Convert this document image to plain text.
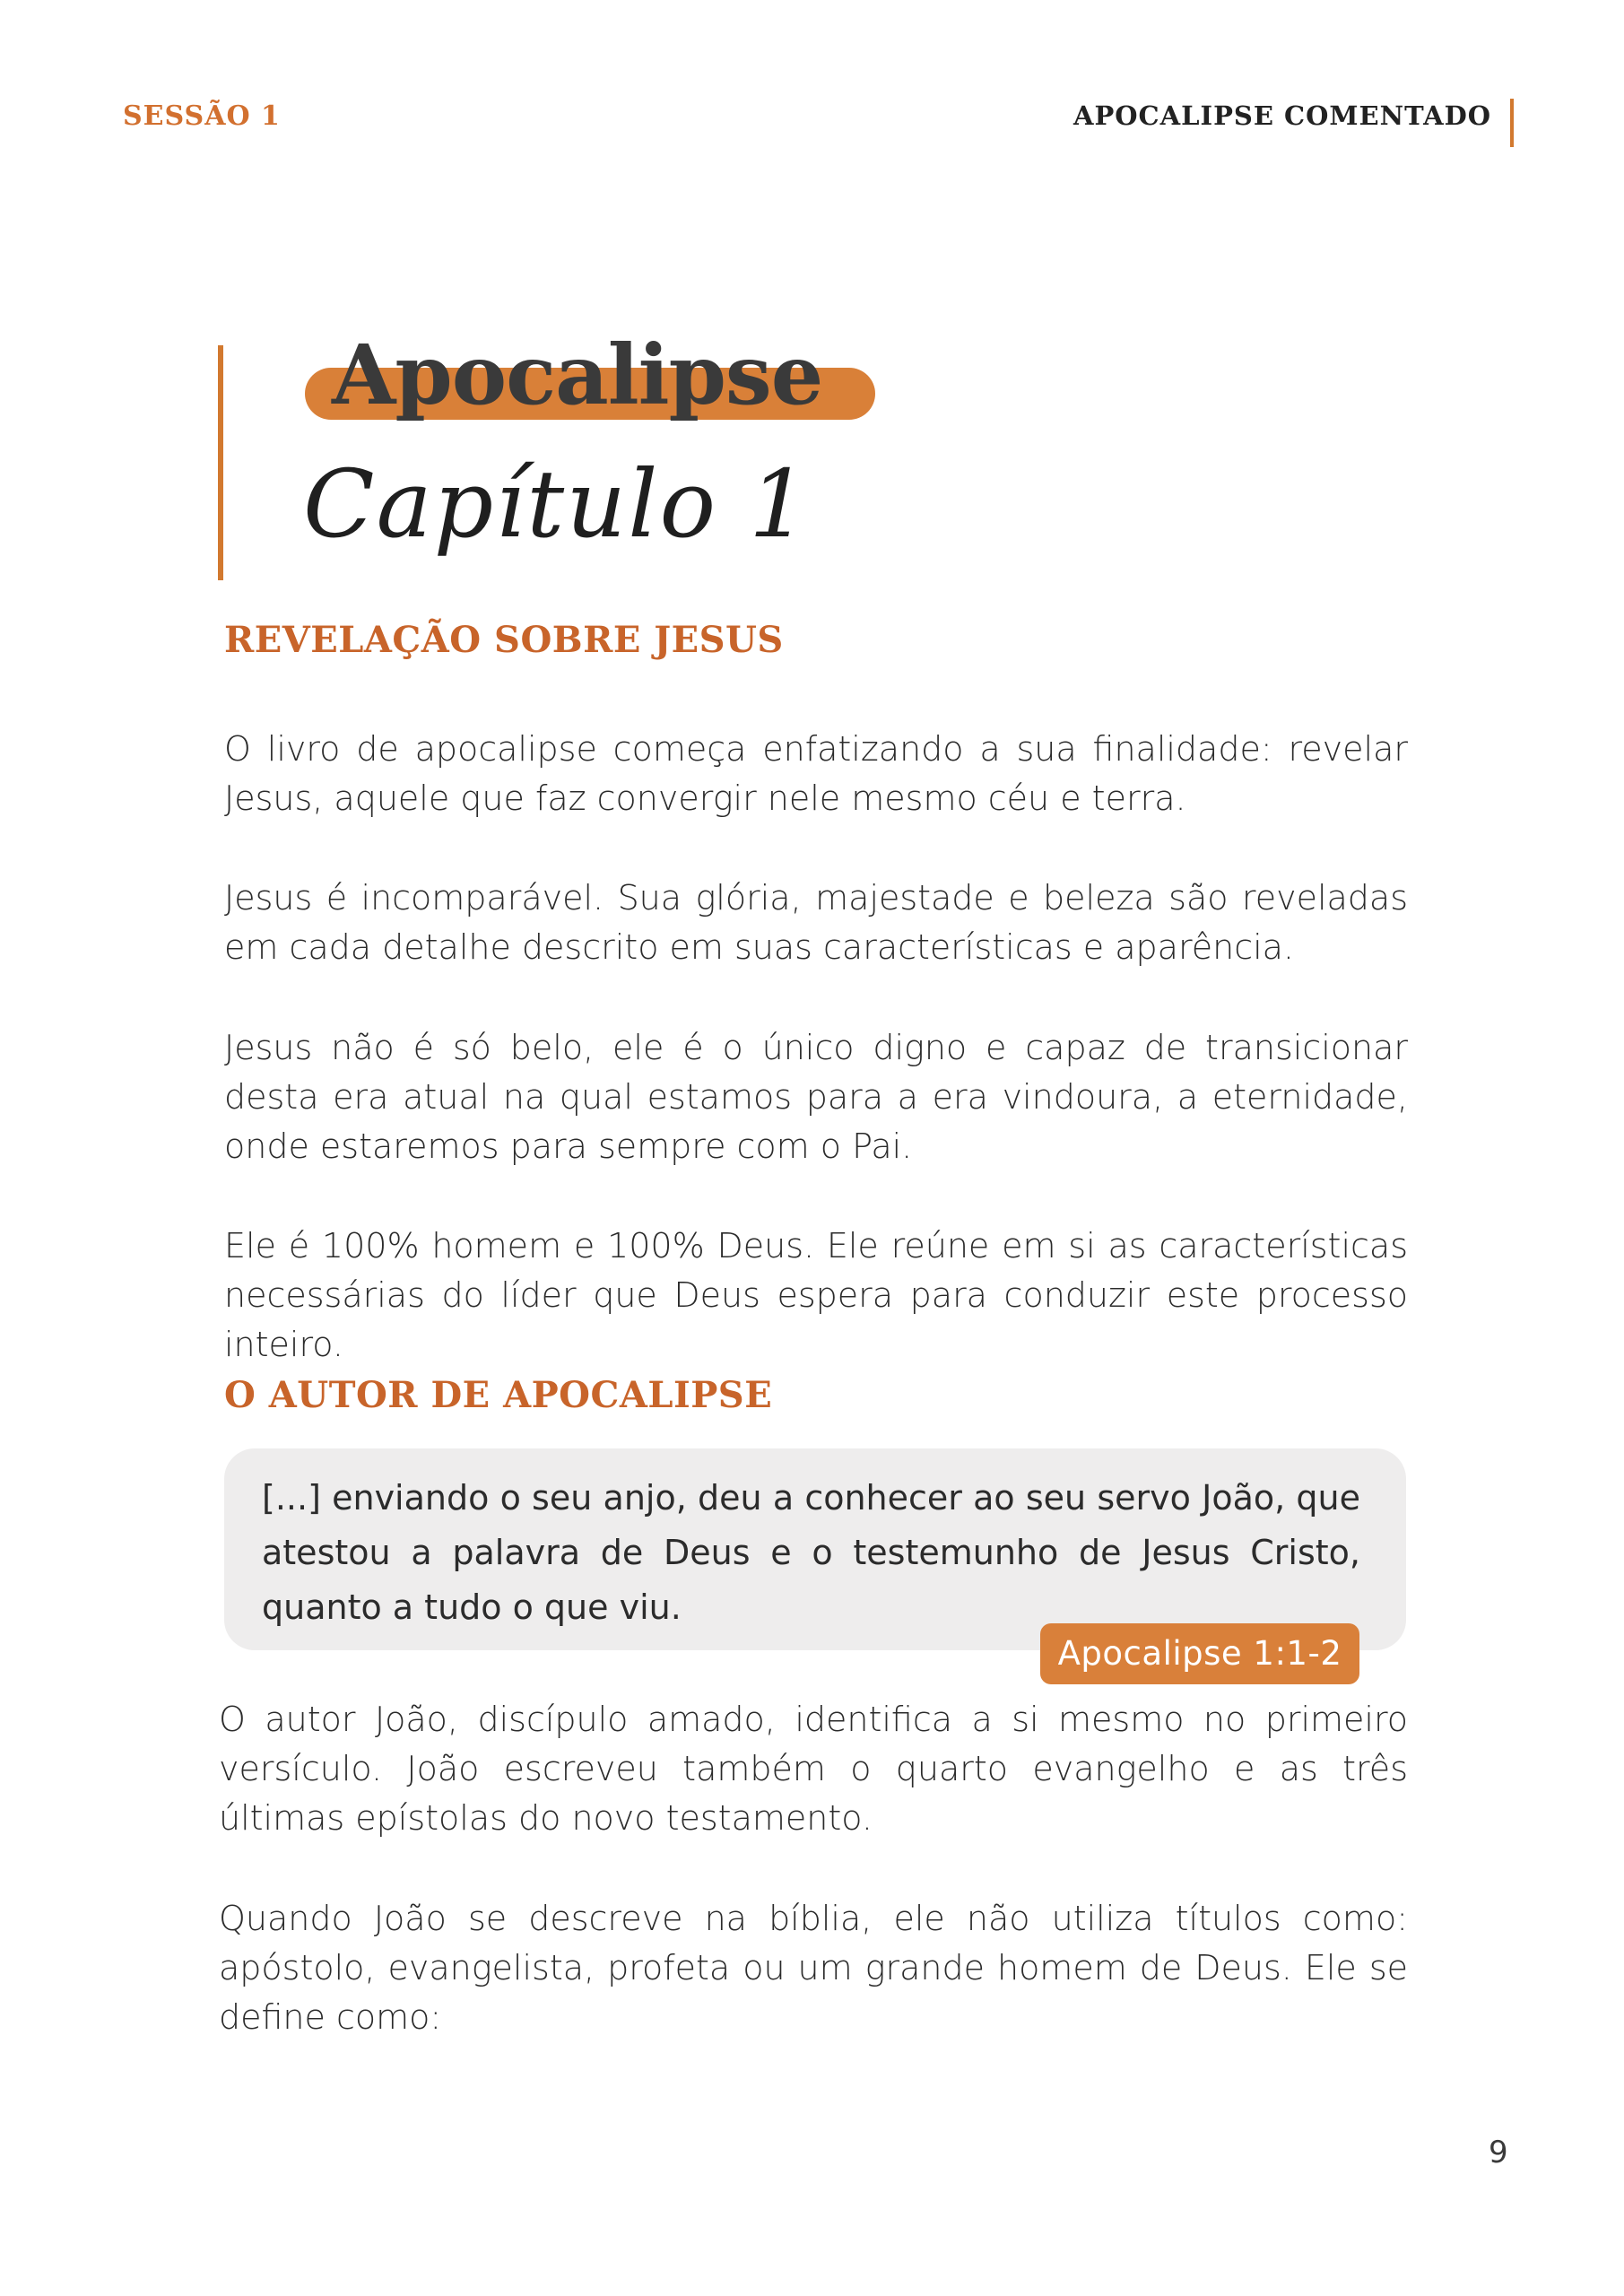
SESSÃO 1	APOCALIPSE COMENTADO
Apocalipse
Capítulo 1
REVELAÇÃO SOBRE JESUS

O livro de apocalipse começa enfatizando a sua finalidade: revelar Jesus, aquele que faz convergir nele mesmo céu e terra.

Jesus é incomparável. Sua glória, majestade e beleza são reveladas em cada detalhe descrito em suas características e aparência.

Jesus não é só belo, ele é o único digno e capaz de transicionar desta era atual na qual estamos para a era vindoura, a eternidade, onde estaremos para sempre com o Pai.

Ele é 100% homem e 100% Deus. Ele reúne em si as características necessárias do líder que Deus espera para conduzir este processo inteiro.

O AUTOR DE APOCALIPSE

[...] enviando o seu anjo, deu a conhecer ao seu servo João, que atestou a palavra de Deus e o testemunho de Jesus Cristo, quanto a tudo o que viu.

Apocalipse 1:1-2

O autor João, discípulo amado, identifica a si mesmo no primeiro versículo. João escreveu também o quarto evangelho e as três últimas epístolas do novo testamento.

Quando João se descreve na bíblia, ele não utiliza títulos como: apóstolo, evangelista, profeta ou um grande homem de Deus. Ele se define como:

9
